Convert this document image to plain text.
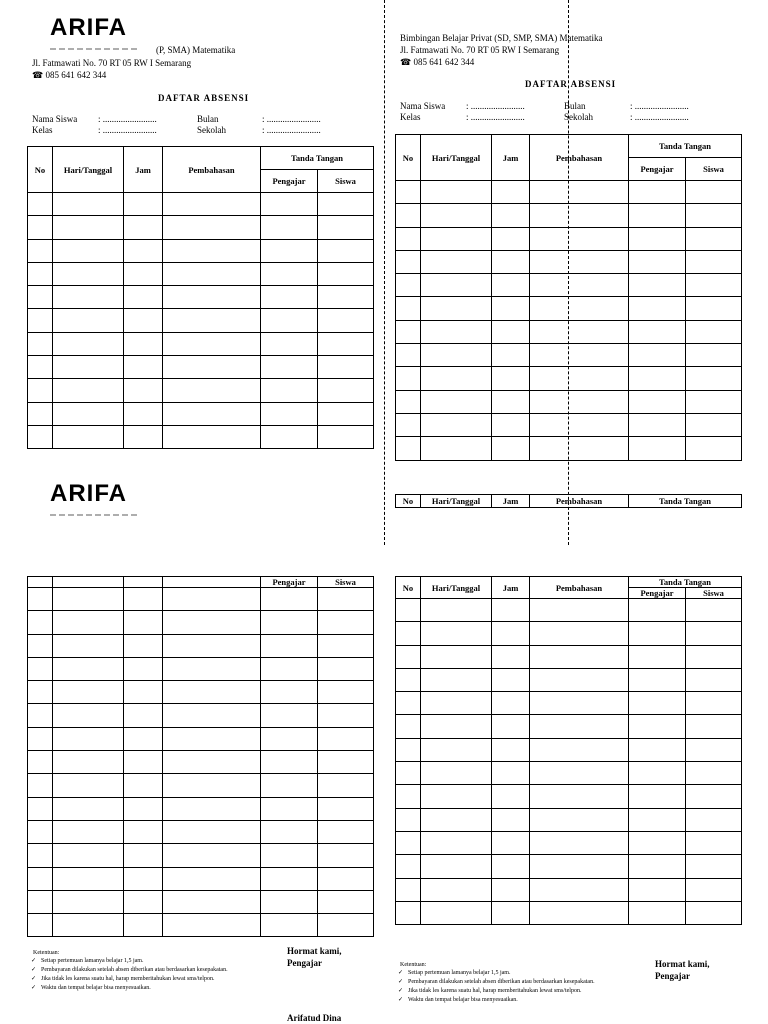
ARIFA
(P, SMA) Matematika
Jl. Fatmawati No. 70 RT 05 RW I Semarang
☎ 085 641 642 344
DAFTAR ABSENSI
Nama Siswa : ........................	Bulan	: ........................
Kelas	: ........................	Sekolah	: ........................
No	Hari/Tanggal	Jam	Pembahasan	Tanda Tangan	
				Pengajar	Siswa

ARIFA
Bimbingan Belajar Privat (SD, SMP, SMA) Matematika
Jl. Fatmawati No. 70 RT 05 RW I Semarang
☎ 085 641 642 344
DAFTAR ABSENSI
Nama Siswa : ........................	Bulan	: ........................
Kelas	: ........................	Sekolah	: ........................
No	Hari/Tanggal	Jam	Pembahasan	Tanda Tangan	
				Pengajar	Siswa

No	Hari/Tanggal	Jam	Pembahasan	Tanda Tangan
				Pengajar	Siswa

Ketentuan:
✓ Setiap pertemuan lamanya belajar 1,5 jam.
✓ Pembayaran dilakukan setelah absen diberikan atau berdasarkan kesepakatan.
✓ Jika tidak les karena suatu hal, harap memberitahukan lewat sms/telpon.
✓ Waktu dan tempat belajar bisa menyesuaikan.
Hormat kami,
Pengajar
Arifatud Dina
No	Hari/Tanggal	Jam	Pembahasan	Tanda Tangan	
				Pengajar	Siswa

Ketentuan:
✓ Setiap pertemuan lamanya belajar 1,5 jam.
✓ Pembayaran dilakukan setelah absen diberikan atau berdasarkan kesepakatan.
✓ Jika tidak les karena suatu hal, harap memberitahukan lewat sms/telpon.
✓ Waktu dan tempat belajar bisa menyesuaikan.
Hormat kami,
Pengajar
